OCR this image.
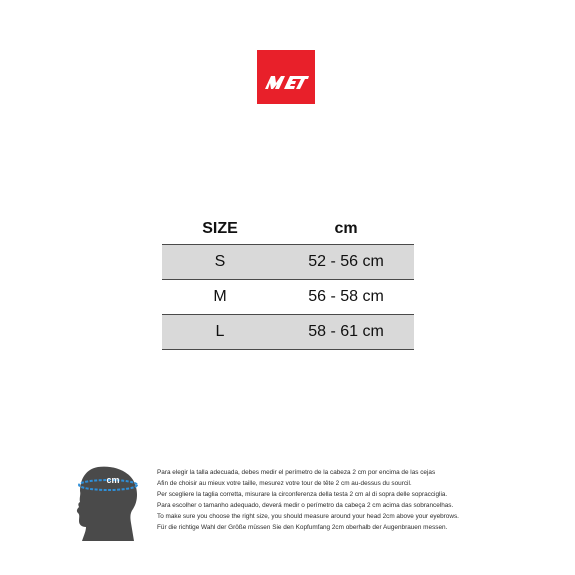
SIZE	cm
S	52 - 56 cm
M	56 - 58 cm
L	58 - 61 cm
cm

Para elegir la talla adecuada, debes medir el perímetro de la cabeza 2 cm por encima de las cejas

Afin de choisir au mieux votre taille, mesurez votre tour de tête 2 cm au-dessus du sourcil.

Per scegliere la taglia corretta, misurare la circonferenza della testa 2 cm al di sopra delle sopracciglia.

Para escolher o tamanho adequado, deverá medir o perímetro da cabeça 2 cm acima das sobrancelhas.

To make sure you choose the right size, you should measure around your head 2cm above your eyebrows.

Für die richtige Wahl der Größe müssen Sie den Kopfumfang 2cm oberhalb der Augenbrauen messen.
